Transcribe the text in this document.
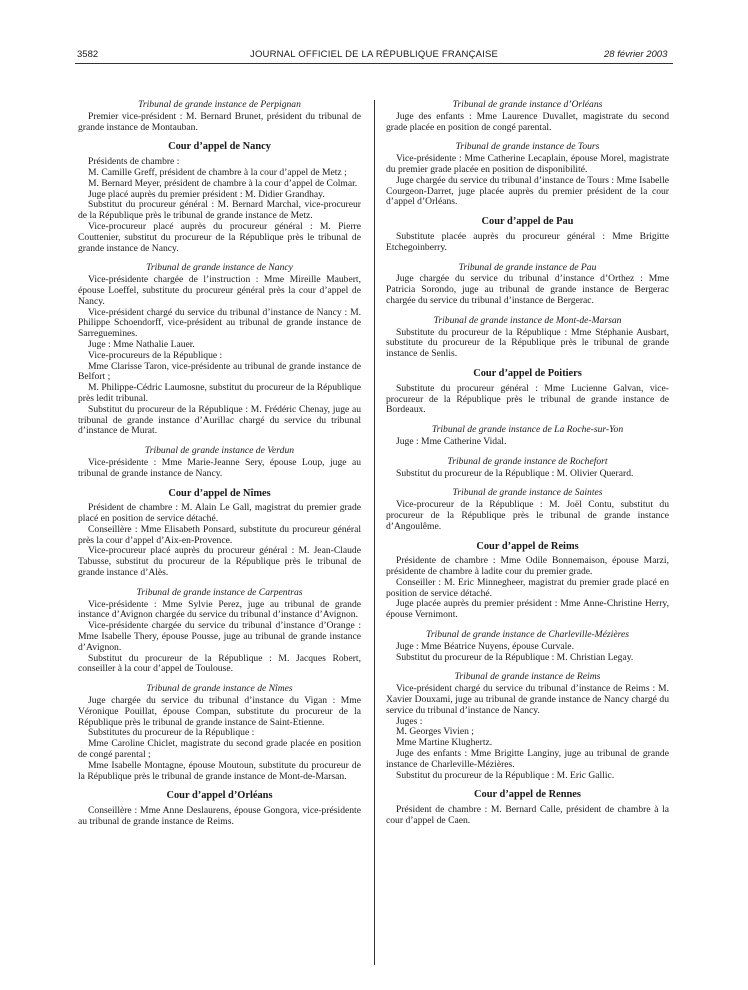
3582	JOURNAL OFFICIEL DE LA RÉPUBLIQUE FRANÇAISE	28 février 2003
Tribunal de grande instance de Perpignan

Premier vice-président : M. Bernard Brunet, président du tribunal de grande instance de Montauban.

Cour d’appel de Nancy

Présidents de chambre :

M. Camille Greff, président de chambre à la cour d’appel de Metz ;

M. Bernard Meyer, président de chambre à la cour d’appel de Colmar.

Juge placé auprès du premier président : M. Didier Grandhay.

Substitut du procureur général : M. Bernard Marchal, vice-procureur de la République près le tribunal de grande instance de Metz.

Vice-procureur placé auprès du procureur général : M. Pierre Couttenier, substitut du procureur de la République près le tribunal de grande instance de Nancy.

Tribunal de grande instance de Nancy

Vice-présidente chargée de l’instruction : Mme Mireille Maubert, épouse Loeffel, substitute du procureur général près la cour d’appel de Nancy.

Vice-président chargé du service du tribunal d’instance de Nancy : M. Philippe Schoendorff, vice-président au tribunal de grande instance de Sarreguemines.

Juge : Mme Nathalie Lauer.

Vice-procureurs de la République :

Mme Clarisse Taron, vice-présidente au tribunal de grande instance de Belfort ;

M. Philippe-Cédric Laumosne, substitut du procureur de la République près ledit tribunal.

Substitut du procureur de la République : M. Frédéric Chenay, juge au tribunal de grande instance d’Aurillac chargé du service du tribunal d’instance de Murat.

Tribunal de grande instance de Verdun

Vice-présidente : Mme Marie-Jeanne Sery, épouse Loup, juge au tribunal de grande instance de Nancy.

Cour d’appel de Nîmes

Président de chambre : M. Alain Le Gall, magistrat du premier grade placé en position de service détaché.

Conseillère : Mme Elisabeth Ponsard, substitute du procureur général près la cour d’appel d’Aix-en-Provence.

Vice-procureur placé auprès du procureur général : M. Jean-Claude Tabusse, substitut du procureur de la République près le tribunal de grande instance d’Alès.

Tribunal de grande instance de Carpentras

Vice-présidente : Mme Sylvie Perez, juge au tribunal de grande instance d’Avignon chargée du service du tribunal d’instance d’Avignon.

Vice-présidente chargée du service du tribunal d’instance d’Orange : Mme Isabelle Thery, épouse Pousse, juge au tribunal de grande instance d’Avignon.

Substitut du procureur de la République : M. Jacques Robert, conseiller à la cour d’appel de Toulouse.

Tribunal de grande instance de Nîmes

Juge chargée du service du tribunal d’instance du Vigan : Mme Véronique Pouillat, épouse Compan, substitute du procureur de la République près le tribunal de grande instance de Saint-Etienne.

Substitutes du procureur de la République :

Mme Caroline Chiclet, magistrate du second grade placée en position de congé parental ;

Mme Isabelle Montagne, épouse Moutoun, substitute du procureur de la République près le tribunal de grande instance de Mont-de-Marsan.

Cour d’appel d’Orléans

Conseillère : Mme Anne Deslaurens, épouse Gongora, vice-présidente au tribunal de grande instance de Reims.

Tribunal de grande instance d’Orléans

Juge des enfants : Mme Laurence Duvallet, magistrate du second grade placée en position de congé parental.

Tribunal de grande instance de Tours

Vice-présidente : Mme Catherine Lecaplain, épouse Morel, magistrate du premier grade placée en position de disponibilité.

Juge chargée du service du tribunal d’instance de Tours : Mme Isabelle Courgeon-Darret, juge placée auprès du premier président de la cour d’appel d’Orléans.

Cour d’appel de Pau

Substitute placée auprès du procureur général : Mme Brigitte Etchegoinberry.

Tribunal de grande instance de Pau

Juge chargée du service du tribunal d’instance d’Orthez : Mme Patricia Sorondo, juge au tribunal de grande instance de Bergerac chargée du service du tribunal d’instance de Bergerac.

Tribunal de grande instance de Mont-de-Marsan

Substitute du procureur de la République : Mme Stéphanie Ausbart, substitute du procureur de la République près le tribunal de grande instance de Senlis.

Cour d’appel de Poitiers

Substitute du procureur général : Mme Lucienne Galvan, vice-procureur de la République près le tribunal de grande instance de Bordeaux.

Tribunal de grande instance de La Roche-sur-Yon

Juge : Mme Catherine Vidal.

Tribunal de grande instance de Rochefort

Substitut du procureur de la République : M. Olivier Querard.

Tribunal de grande instance de Saintes

Vice-procureur de la République : M. Joël Contu, substitut du procureur de la République près le tribunal de grande instance d’Angoulême.

Cour d’appel de Reims

Présidente de chambre : Mme Odile Bonnemaison, épouse Marzi, présidente de chambre à ladite cour du premier grade.

Conseiller : M. Eric Minnegheer, magistrat du premier grade placé en position de service détaché.

Juge placée auprès du premier président : Mme Anne-Christine Herry, épouse Vernimont.

Tribunal de grande instance de Charleville-Mézières

Juge : Mme Béatrice Nuyens, épouse Curvale.

Substitut du procureur de la République : M. Christian Legay.

Tribunal de grande instance de Reims

Vice-président chargé du service du tribunal d’instance de Reims : M. Xavier Douxami, juge au tribunal de grande instance de Nancy chargé du service du tribunal d’instance de Nancy.

Juges :

M. Georges Vivien ;

Mme Martine Klughertz.

Juge des enfants : Mme Brigitte Langiny, juge au tribunal de grande instance de Charleville-Mézières.

Substitut du procureur de la République : M. Eric Gallic.

Cour d’appel de Rennes

Président de chambre : M. Bernard Calle, président de chambre à la cour d’appel de Caen.
